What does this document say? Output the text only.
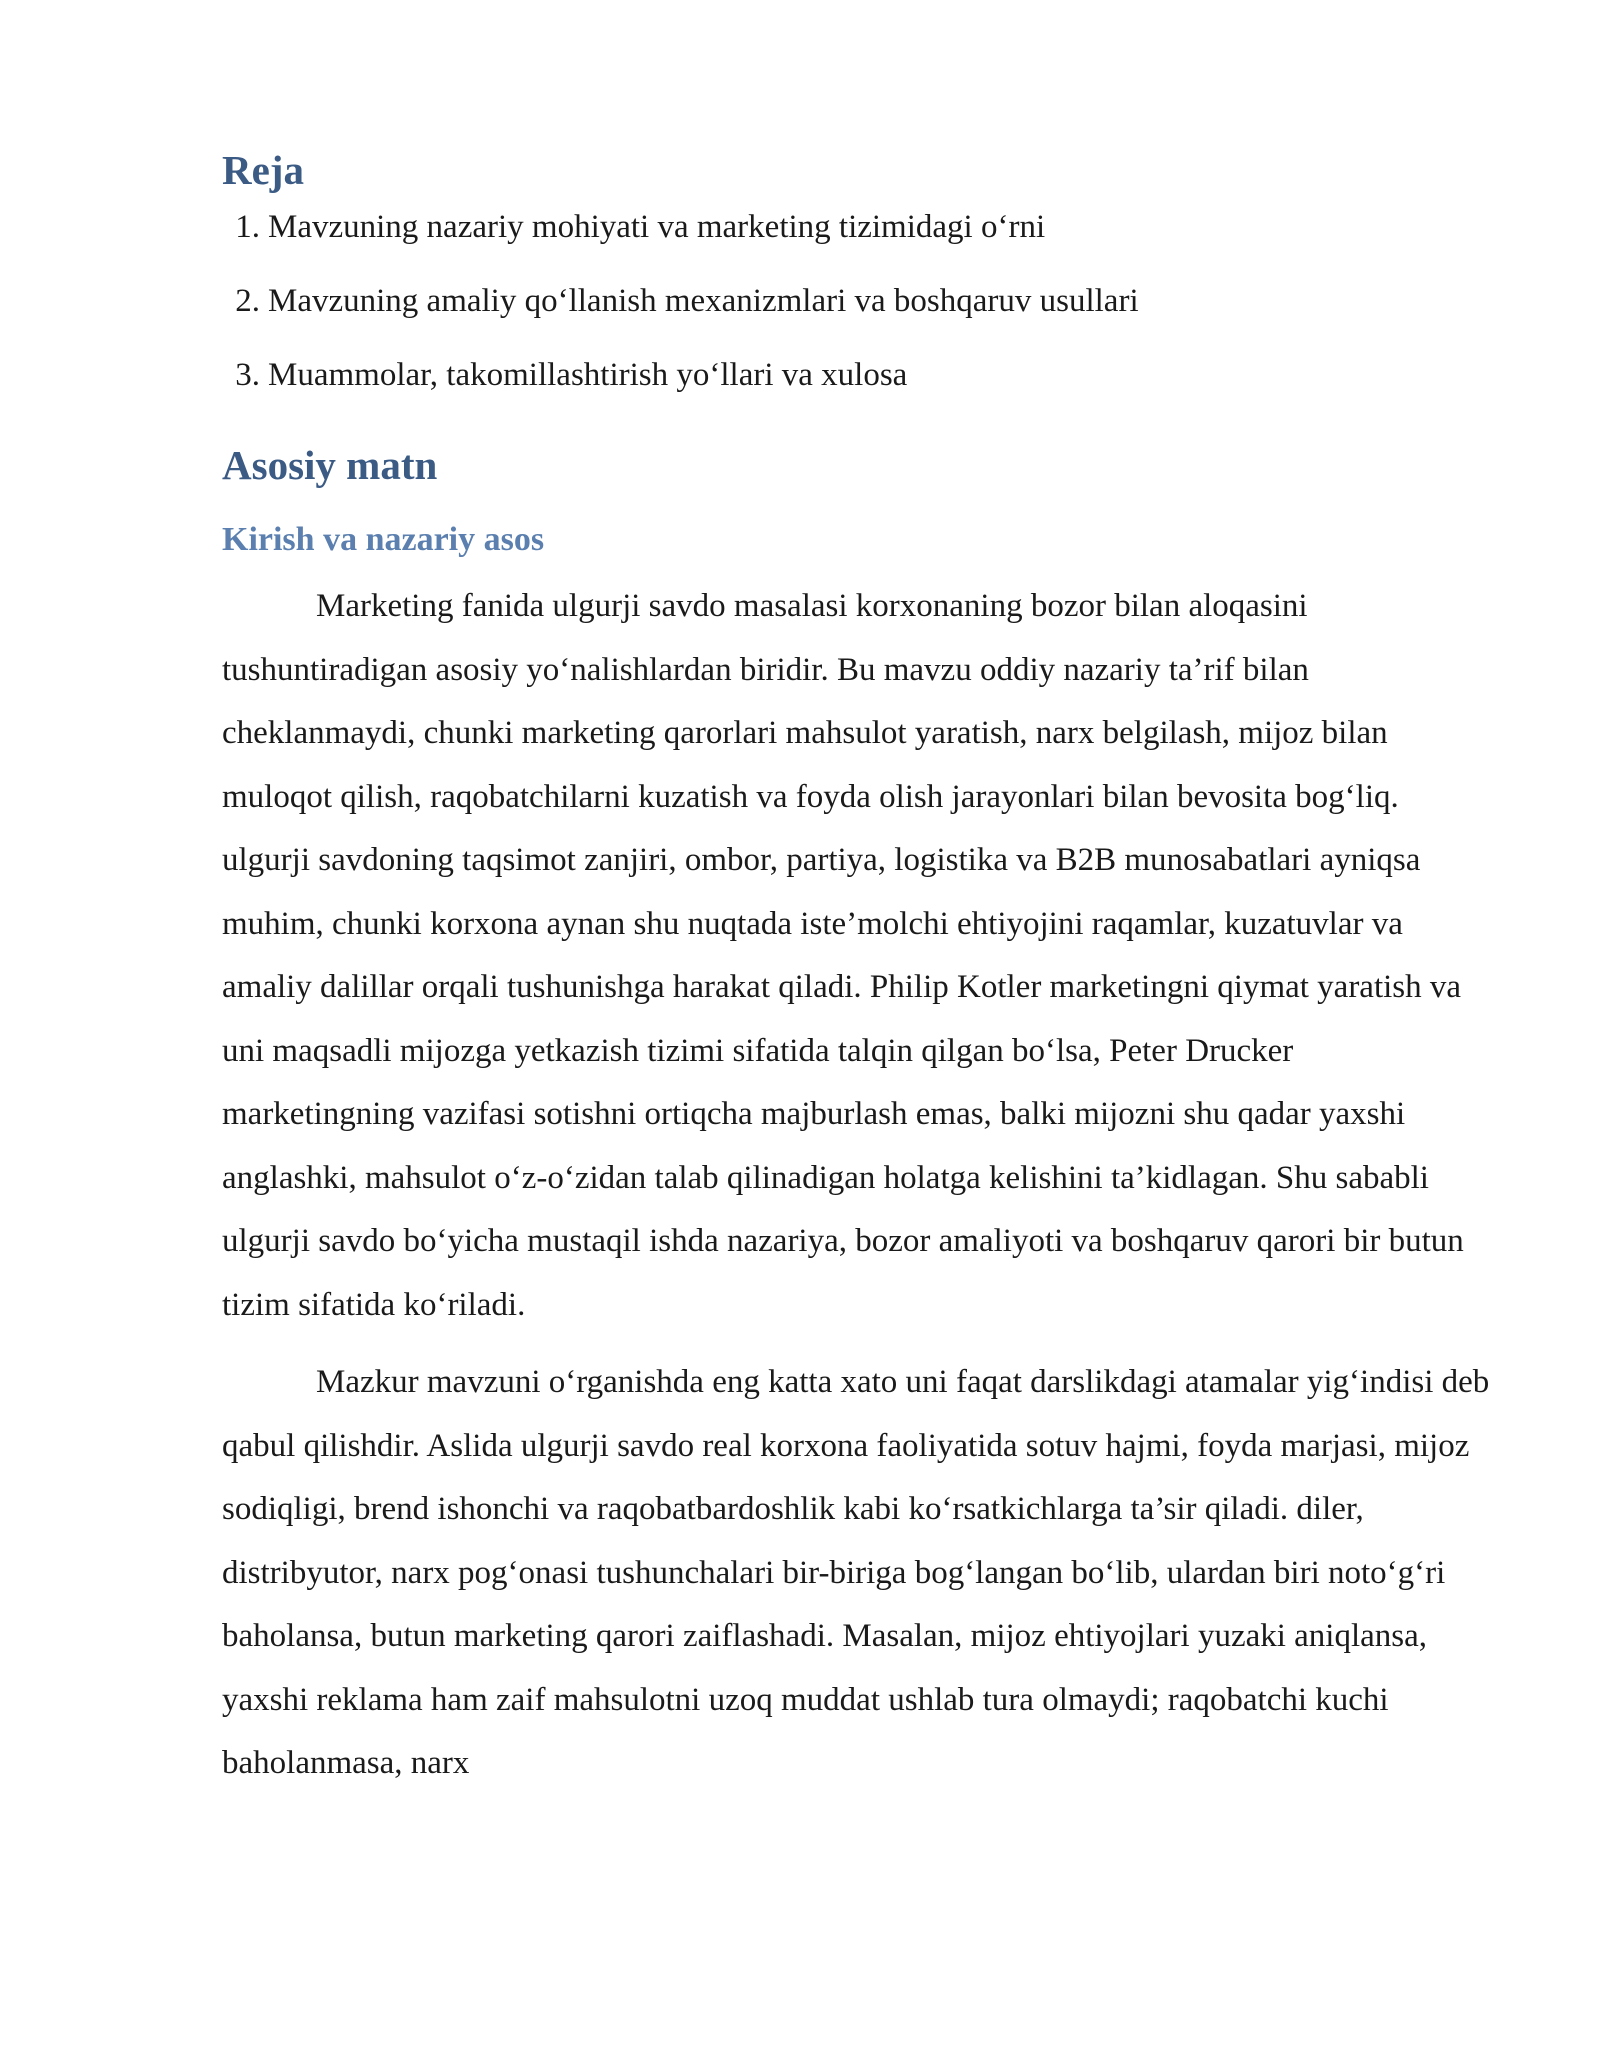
Reja
1. Mavzuning nazariy mohiyati va marketing tizimidagi o‘rni
2. Mavzuning amaliy qo‘llanish mexanizmlari va boshqaruv usullari
3. Muammolar, takomillashtirish yo‘llari va xulosa
Asosiy matn
Kirish va nazariy asos

Marketing fanida ulgurji savdo masalasi korxonaning bozor bilan aloqasini tushuntiradigan asosiy yo‘nalishlardan biridir. Bu mavzu oddiy nazariy ta’rif bilan cheklanmaydi, chunki marketing qarorlari mahsulot yaratish, narx belgilash, mijoz bilan muloqot qilish, raqobatchilarni kuzatish va foyda olish jarayonlari bilan bevosita bog‘liq. ulgurji savdoning taqsimot zanjiri, ombor, partiya, logistika va B2B munosabatlari ayniqsa muhim, chunki korxona aynan shu nuqtada iste’molchi ehtiyojini raqamlar, kuzatuvlar va amaliy dalillar orqali tushunishga harakat qiladi. Philip Kotler marketingni qiymat yaratish va uni maqsadli mijozga yetkazish tizimi sifatida talqin qilgan bo‘lsa, Peter Drucker marketingning vazifasi sotishni ortiqcha majburlash emas, balki mijozni shu qadar yaxshi anglashki, mahsulot o‘z-o‘zidan talab qilinadigan holatga kelishini ta’kidlagan. Shu sababli ulgurji savdo bo‘yicha mustaqil ishda nazariya, bozor amaliyoti va boshqaruv qarori bir butun tizim sifatida ko‘riladi.

Mazkur mavzuni o‘rganishda eng katta xato uni faqat darslikdagi atamalar yig‘indisi deb qabul qilishdir. Aslida ulgurji savdo real korxona faoliyatida sotuv hajmi, foyda marjasi, mijoz sodiqligi, brend ishonchi va raqobatbardoshlik kabi ko‘rsatkichlarga ta’sir qiladi. diler, distribyutor, narx pog‘onasi tushunchalari bir-biriga bog‘langan bo‘lib, ulardan biri noto‘g‘ri baholansa, butun marketing qarori zaiflashadi. Masalan, mijoz ehtiyojlari yuzaki aniqlansa, yaxshi reklama ham zaif mahsulotni uzoq muddat ushlab tura olmaydi; raqobatchi kuchi baholanmasa, narx
